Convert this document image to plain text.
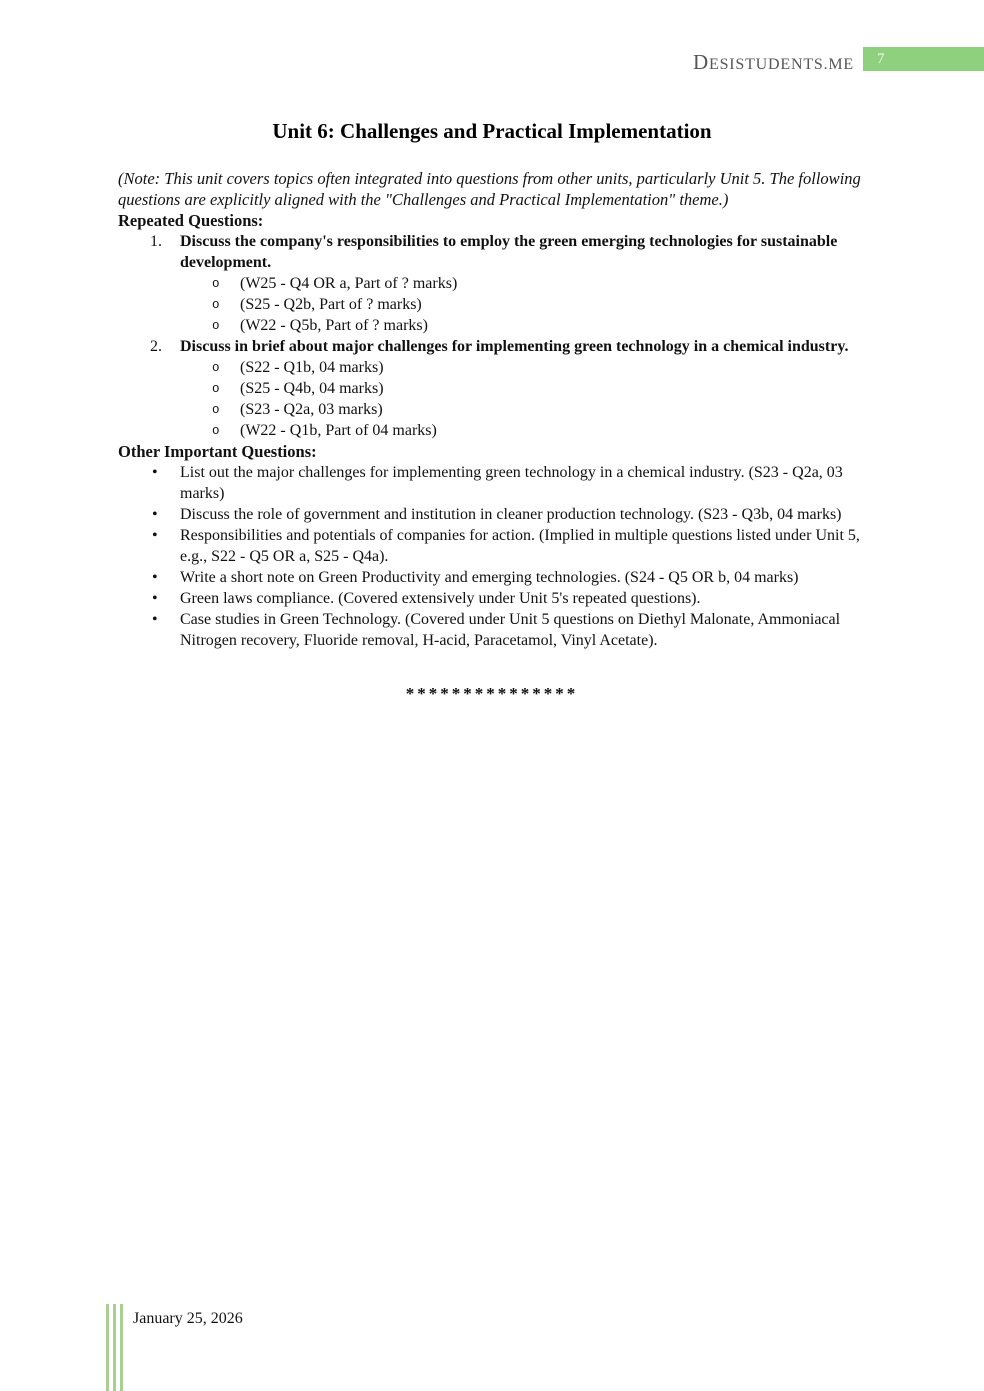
DESISTUDENTS.ME	7
Unit 6: Challenges and Practical Implementation

(Note: This unit covers topics often integrated into questions from other units, particularly Unit 5. The following questions are explicitly aligned with the "Challenges and Practical Implementation" theme.)

Repeated Questions:

1. Discuss the company's responsibilities to employ the green emerging technologies for sustainable development.
o (W25 - Q4 OR a, Part of ? marks)
o (S25 - Q2b, Part of ? marks)
o (W22 - Q5b, Part of ? marks)
2. Discuss in brief about major challenges for implementing green technology in a chemical industry.
o (S22 - Q1b, 04 marks)
o (S25 - Q4b, 04 marks)
o (S23 - Q2a, 03 marks)
o (W22 - Q1b, Part of 04 marks)

Other Important Questions:

• List out the major challenges for implementing green technology in a chemical industry. (S23 - Q2a, 03 marks)
• Discuss the role of government and institution in cleaner production technology. (S23 - Q3b, 04 marks)
• Responsibilities and potentials of companies for action. (Implied in multiple questions listed under Unit 5, e.g., S22 - Q5 OR a, S25 - Q4a).
• Write a short note on Green Productivity and emerging technologies. (S24 - Q5 OR b, 04 marks)
• Green laws compliance. (Covered extensively under Unit 5's repeated questions).
• Case studies in Green Technology. (Covered under Unit 5 questions on Diethyl Malonate, Ammoniacal Nitrogen recovery, Fluoride removal, H-acid, Paracetamol, Vinyl Acetate).
***************
January 25, 2026
